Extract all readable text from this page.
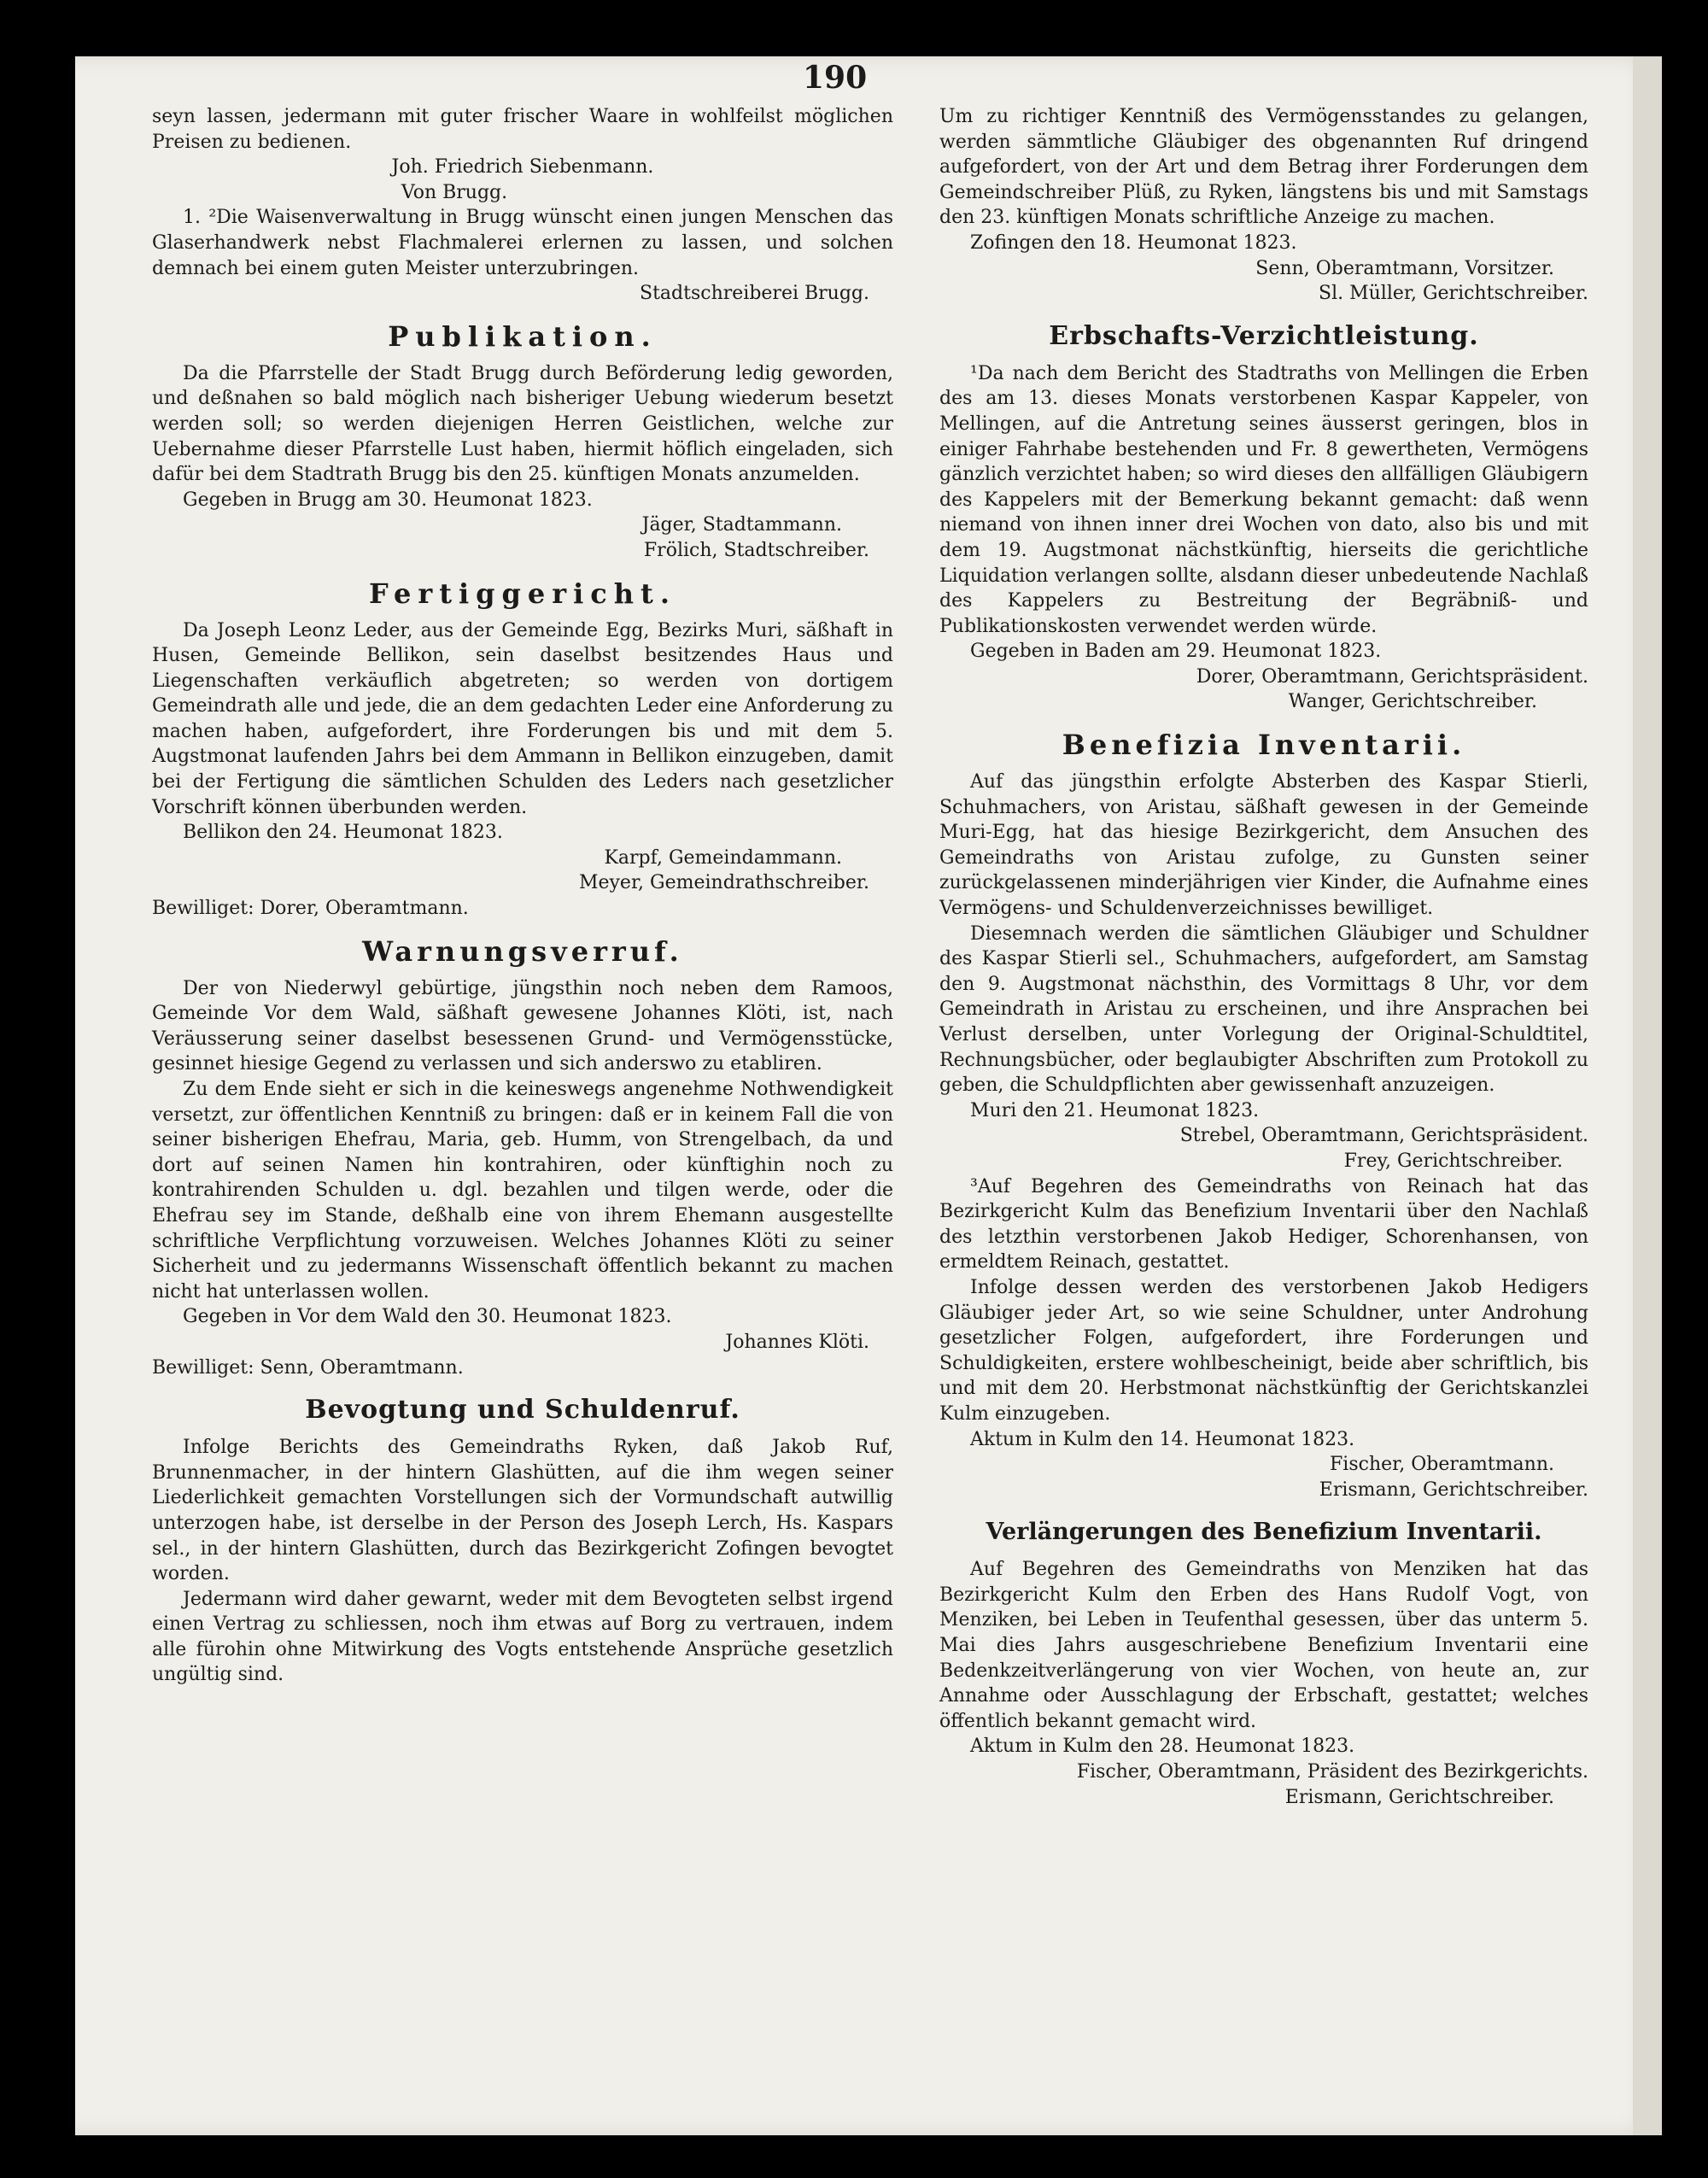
190

seyn lassen, jedermann mit guter frischer Waare in wohlfeilst möglichen Preisen zu bedienen.

Joh. Friedrich Siebenmann.

Von Brugg.

1. ²Die Waisenverwaltung in Brugg wünscht einen jungen Menschen das Glaserhandwerk nebst Flachmalerei erlernen zu lassen, und solchen demnach bei einem guten Meister unterzubringen.

Stadtschreiberei Brugg.

Publikation.

Da die Pfarrstelle der Stadt Brugg durch Beförderung ledig geworden, und deßnahen so bald möglich nach bisheriger Uebung wiederum besetzt werden soll; so werden diejenigen Herren Geistlichen, welche zur Uebernahme dieser Pfarrstelle Lust haben, hiermit höflich eingeladen, sich dafür bei dem Stadtrath Brugg bis den 25. künftigen Monats anzumelden.

Gegeben in Brugg am 30. Heumonat 1823.

Jäger, Stadtammann.

Frölich, Stadtschreiber.

Fertiggericht.

Da Joseph Leonz Leder, aus der Gemeinde Egg, Bezirks Muri, säßhaft in Husen, Gemeinde Bellikon, sein daselbst besitzendes Haus und Liegenschaften verkäuflich abgetreten; so werden von dortigem Gemeindrath alle und jede, die an dem gedachten Leder eine Anforderung zu machen haben, aufgefordert, ihre Forderungen bis und mit dem 5. Augstmonat laufenden Jahrs bei dem Ammann in Bellikon einzugeben, damit bei der Fertigung die sämtlichen Schulden des Leders nach gesetzlicher Vorschrift können überbunden werden.

Bellikon den 24. Heumonat 1823.

Karpf, Gemeindammann.

Meyer, Gemeindrathschreiber.

Bewilliget: Dorer, Oberamtmann.

Warnungsverruf.

Der von Niederwyl gebürtige, jüngsthin noch neben dem Ramoos, Gemeinde Vor dem Wald, säßhaft gewesene Johannes Klöti, ist, nach Veräusserung seiner daselbst besessenen Grund- und Vermögensstücke, gesinnet hiesige Gegend zu verlassen und sich anderswo zu etabliren.

Zu dem Ende sieht er sich in die keineswegs angenehme Nothwendigkeit versetzt, zur öffentlichen Kenntniß zu bringen: daß er in keinem Fall die von seiner bisherigen Ehefrau, Maria, geb. Humm, von Strengelbach, da und dort auf seinen Namen hin kontrahiren, oder künftighin noch zu kontrahirenden Schulden u. dgl. bezahlen und tilgen werde, oder die Ehefrau sey im Stande, deßhalb eine von ihrem Ehemann ausgestellte schriftliche Verpflichtung vorzuweisen. Welches Johannes Klöti zu seiner Sicherheit und zu jedermanns Wissenschaft öffentlich bekannt zu machen nicht hat unterlassen wollen.

Gegeben in Vor dem Wald den 30. Heumonat 1823.

Johannes Klöti.

Bewilliget: Senn, Oberamtmann.

Bevogtung und Schuldenruf.

Infolge Berichts des Gemeindraths Ryken, daß Jakob Ruf, Brunnenmacher, in der hintern Glashütten, auf die ihm wegen seiner Liederlichkeit gemachten Vorstellungen sich der Vormundschaft autwillig unterzogen habe, ist derselbe in der Person des Joseph Lerch, Hs. Kaspars sel., in der hintern Glashütten, durch das Bezirkgericht Zofingen bevogtet worden.

Jedermann wird daher gewarnt, weder mit dem Bevogteten selbst irgend einen Vertrag zu schliessen, noch ihm etwas auf Borg zu vertrauen, indem alle fürohin ohne Mitwirkung des Vogts entstehende Ansprüche gesetzlich ungültig sind.

Um zu richtiger Kenntniß des Vermögensstandes zu gelangen, werden sämmtliche Gläubiger des obgenannten Ruf dringend aufgefordert, von der Art und dem Betrag ihrer Forderungen dem Gemeindschreiber Plüß, zu Ryken, längstens bis und mit Samstags den 23. künftigen Monats schriftliche Anzeige zu machen.

Zofingen den 18. Heumonat 1823.

Senn, Oberamtmann, Vorsitzer.

Sl. Müller, Gerichtschreiber.

Erbschafts-Verzichtleistung.

¹Da nach dem Bericht des Stadtraths von Mellingen die Erben des am 13. dieses Monats verstorbenen Kaspar Kappeler, von Mellingen, auf die Antretung seines äusserst geringen, blos in einiger Fahrhabe bestehenden und Fr. 8 gewertheten, Vermögens gänzlich verzichtet haben; so wird dieses den allfälligen Gläubigern des Kappelers mit der Bemerkung bekannt gemacht: daß wenn niemand von ihnen inner drei Wochen von dato, also bis und mit dem 19. Augstmonat nächstkünftig, hierseits die gerichtliche Liquidation verlangen sollte, alsdann dieser unbedeutende Nachlaß des Kappelers zu Bestreitung der Begräbniß- und Publikationskosten verwendet werden würde.

Gegeben in Baden am 29. Heumonat 1823.

Dorer, Oberamtmann, Gerichtspräsident.

Wanger, Gerichtschreiber.

Benefizia Inventarii.

Auf das jüngsthin erfolgte Absterben des Kaspar Stierli, Schuhmachers, von Aristau, säßhaft gewesen in der Gemeinde Muri-Egg, hat das hiesige Bezirkgericht, dem Ansuchen des Gemeindraths von Aristau zufolge, zu Gunsten seiner zurückgelassenen minderjährigen vier Kinder, die Aufnahme eines Vermögens- und Schuldenverzeichnisses bewilliget.

Diesemnach werden die sämtlichen Gläubiger und Schuldner des Kaspar Stierli sel., Schuhmachers, aufgefordert, am Samstag den 9. Augstmonat nächsthin, des Vormittags 8 Uhr, vor dem Gemeindrath in Aristau zu erscheinen, und ihre Ansprachen bei Verlust derselben, unter Vorlegung der Original-Schuldtitel, Rechnungsbücher, oder beglaubigter Abschriften zum Protokoll zu geben, die Schuldpflichten aber gewissenhaft anzuzeigen.

Muri den 21. Heumonat 1823.

Strebel, Oberamtmann, Gerichtspräsident.

Frey, Gerichtschreiber.

³Auf Begehren des Gemeindraths von Reinach hat das Bezirkgericht Kulm das Benefizium Inventarii über den Nachlaß des letzthin verstorbenen Jakob Hediger, Schorenhansen, von ermeldtem Reinach, gestattet.

Infolge dessen werden des verstorbenen Jakob Hedigers Gläubiger jeder Art, so wie seine Schuldner, unter Androhung gesetzlicher Folgen, aufgefordert, ihre Forderungen und Schuldigkeiten, erstere wohlbescheinigt, beide aber schriftlich, bis und mit dem 20. Herbstmonat nächstkünftig der Gerichtskanzlei Kulm einzugeben.

Aktum in Kulm den 14. Heumonat 1823.

Fischer, Oberamtmann.

Erismann, Gerichtschreiber.

Verlängerungen des Benefizium Inventarii.

Auf Begehren des Gemeindraths von Menziken hat das Bezirkgericht Kulm den Erben des Hans Rudolf Vogt, von Menziken, bei Leben in Teufenthal gesessen, über das unterm 5. Mai dies Jahrs ausgeschriebene Benefizium Inventarii eine Bedenkzeitverlängerung von vier Wochen, von heute an, zur Annahme oder Ausschlagung der Erbschaft, gestattet; welches öffentlich bekannt gemacht wird.

Aktum in Kulm den 28. Heumonat 1823.

Fischer, Oberamtmann, Präsident des Bezirkgerichts.

Erismann, Gerichtschreiber.
